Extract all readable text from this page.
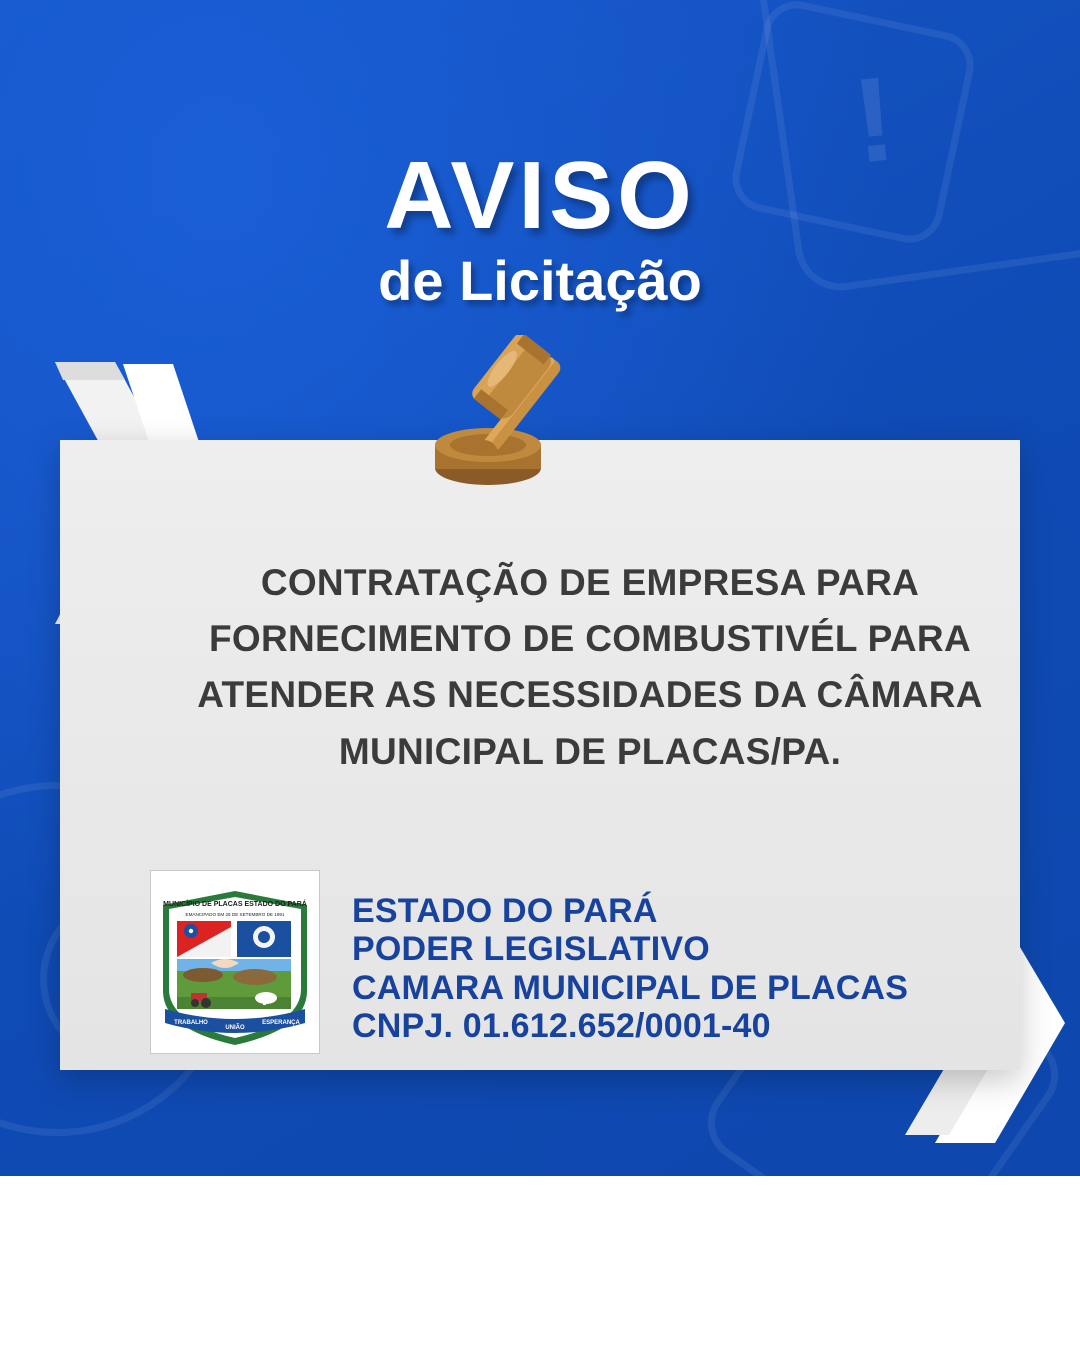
!
AVISO
de Licitação
CONTRATAÇÃO DE EMPRESA PARA FORNECIMENTO DE COMBUSTIVÉL PARA ATENDER AS NECESSIDADES DA CÂMARA MUNICIPAL DE PLACAS/PA.
MUNICÍPIO DE PLACAS ESTADO DO PARÁ
EMANCIPADO EM 26 DE SETEMBRO DE 1991
TRABALHO
UNIÃO
ESPERANÇA
ESTADO DO PARÁ
PODER LEGISLATIVO
CAMARA MUNICIPAL DE PLACAS
CNPJ. 01.612.652/0001-40
